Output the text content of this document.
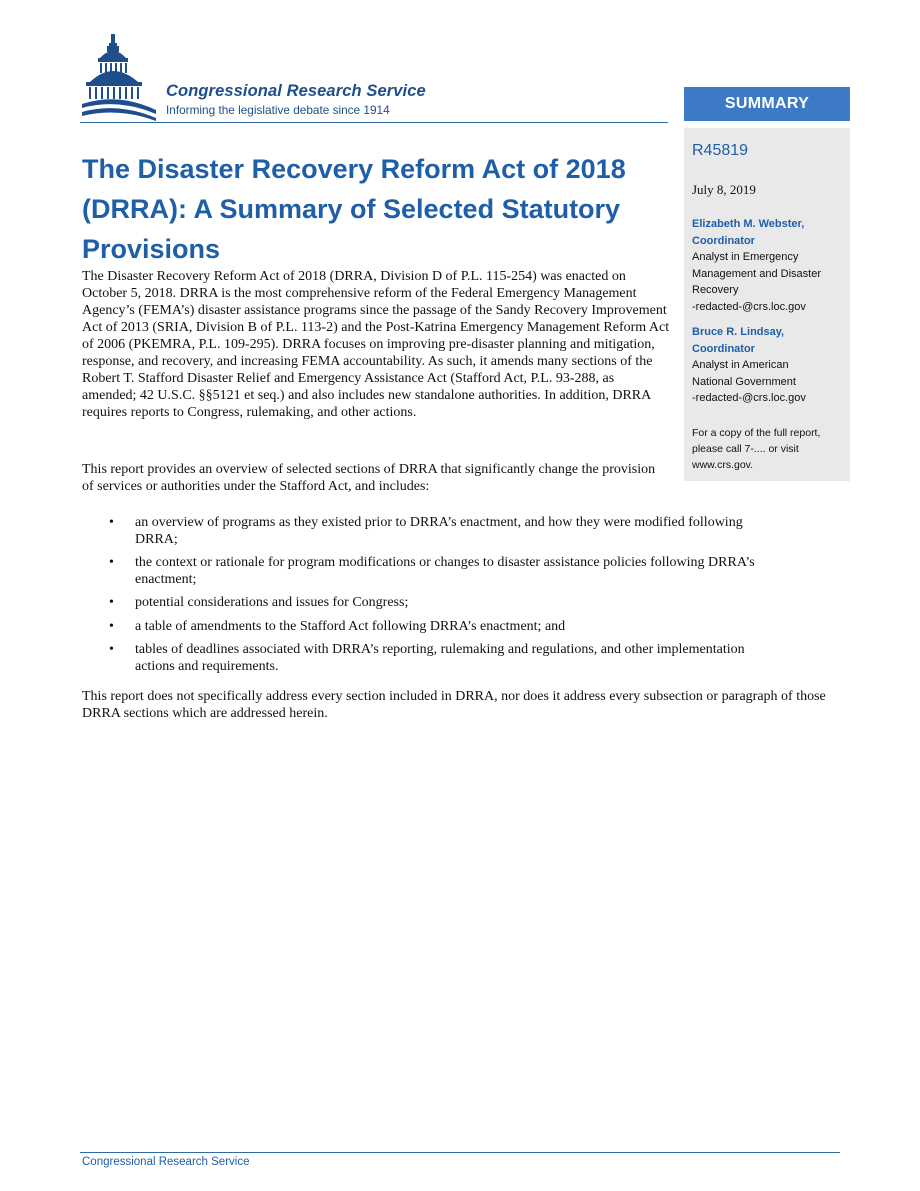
Congressional Research Service
Informing the legislative debate since 1914	SUMMARY
R45819
July 8, 2019
Elizabeth M. Webster,
Coordinator
Analyst in Emergency
Management and Disaster
Recovery
-redacted-@crs.loc.gov
Bruce R. Lindsay,
Coordinator
Analyst in American
National Government
-redacted-@crs.loc.gov
For a copy of the full report, please call 7-.... or visit www.crs.gov.
The Disaster Recovery Reform Act of 2018 (DRRA): A Summary of Selected Statutory Provisions

The Disaster Recovery Reform Act of 2018 (DRRA, Division D of P.L. 115-254) was enacted on October 5, 2018. DRRA is the most comprehensive reform of the Federal Emergency Management Agency’s (FEMA’s) disaster assistance programs since the passage of the Sandy Recovery Improvement Act of 2013 (SRIA, Division B of P.L. 113-2) and the Post-Katrina Emergency Management Reform Act of 2006 (PKEMRA, P.L. 109-295). DRRA focuses on improving pre-disaster planning and mitigation, response, and recovery, and increasing FEMA accountability. As such, it amends many sections of the Robert T. Stafford Disaster Relief and Emergency Assistance Act (Stafford Act, P.L. 93-288, as amended; 42 U.S.C. §§5121 et seq.) and also includes new standalone authorities. In addition, DRRA requires reports to Congress, rulemaking, and other actions.

This report provides an overview of selected sections of DRRA that significantly change the provision of services or authorities under the Stafford Act, and includes:

• an overview of programs as they existed prior to DRRA’s enactment, and how they were modified following DRRA;
• the context or rationale for program modifications or changes to disaster assistance policies following DRRA’s enactment;
• potential considerations and issues for Congress;
• a table of amendments to the Stafford Act following DRRA’s enactment; and
• tables of deadlines associated with DRRA’s reporting, rulemaking and regulations, and other implementation actions and requirements.

This report does not specifically address every section included in DRRA, nor does it address every subsection or paragraph of those DRRA sections which are addressed herein.

Congressional Research Service
